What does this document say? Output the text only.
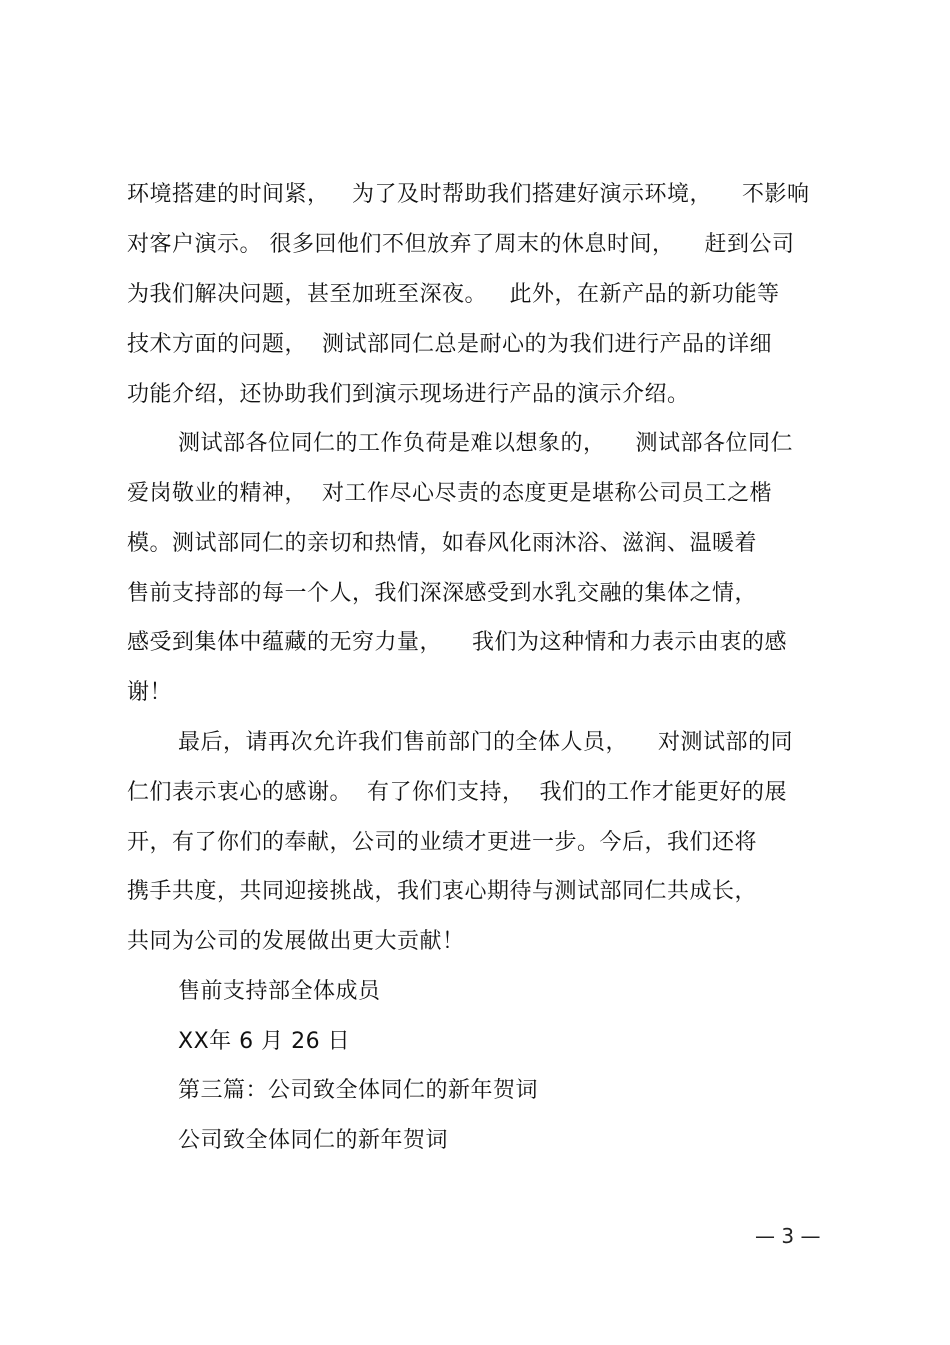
环境搭建的时间紧，   为了及时帮助我们搭建好演示环境，    不影响
对客户演示。 很多回他们不但放弃了周末的休息时间，    赶到公司
为我们解决问题，甚至加班至深夜。   此外，在新产品的新功能等
技术方面的问题，  测试部同仁总是耐心的为我们进行产品的详细
功能介绍，还协助我们到演示现场进行产品的演示介绍。
测试部各位同仁的工作负荷是难以想象的，    测试部各位同仁
爱岗敬业的精神，  对工作尽心尽责的态度更是堪称公司员工之楷
模。测试部同仁的亲切和热情，如春风化雨沐浴、滋润、温暖着
售前支持部的每一个人，我们深深感受到水乳交融的集体之情，
感受到集体中蕴藏的无穷力量，    我们为这种情和力表示由衷的感
谢！
最后，请再次允许我们售前部门的全体人员，    对测试部的同
仁们表示衷心的感谢。  有了你们支持，  我们的工作才能更好的展
开，有了你们的奉献，公司的业绩才更进一步。今后，我们还将
携手共度，共同迎接挑战，我们衷心期待与测试部同仁共成长，
共同为公司的发展做出更大贡献！
售前支持部全体成员
XX年 6 月 26 日
第三篇：公司致全体同仁的新年贺词
公司致全体同仁的新年贺词
— 3 —
